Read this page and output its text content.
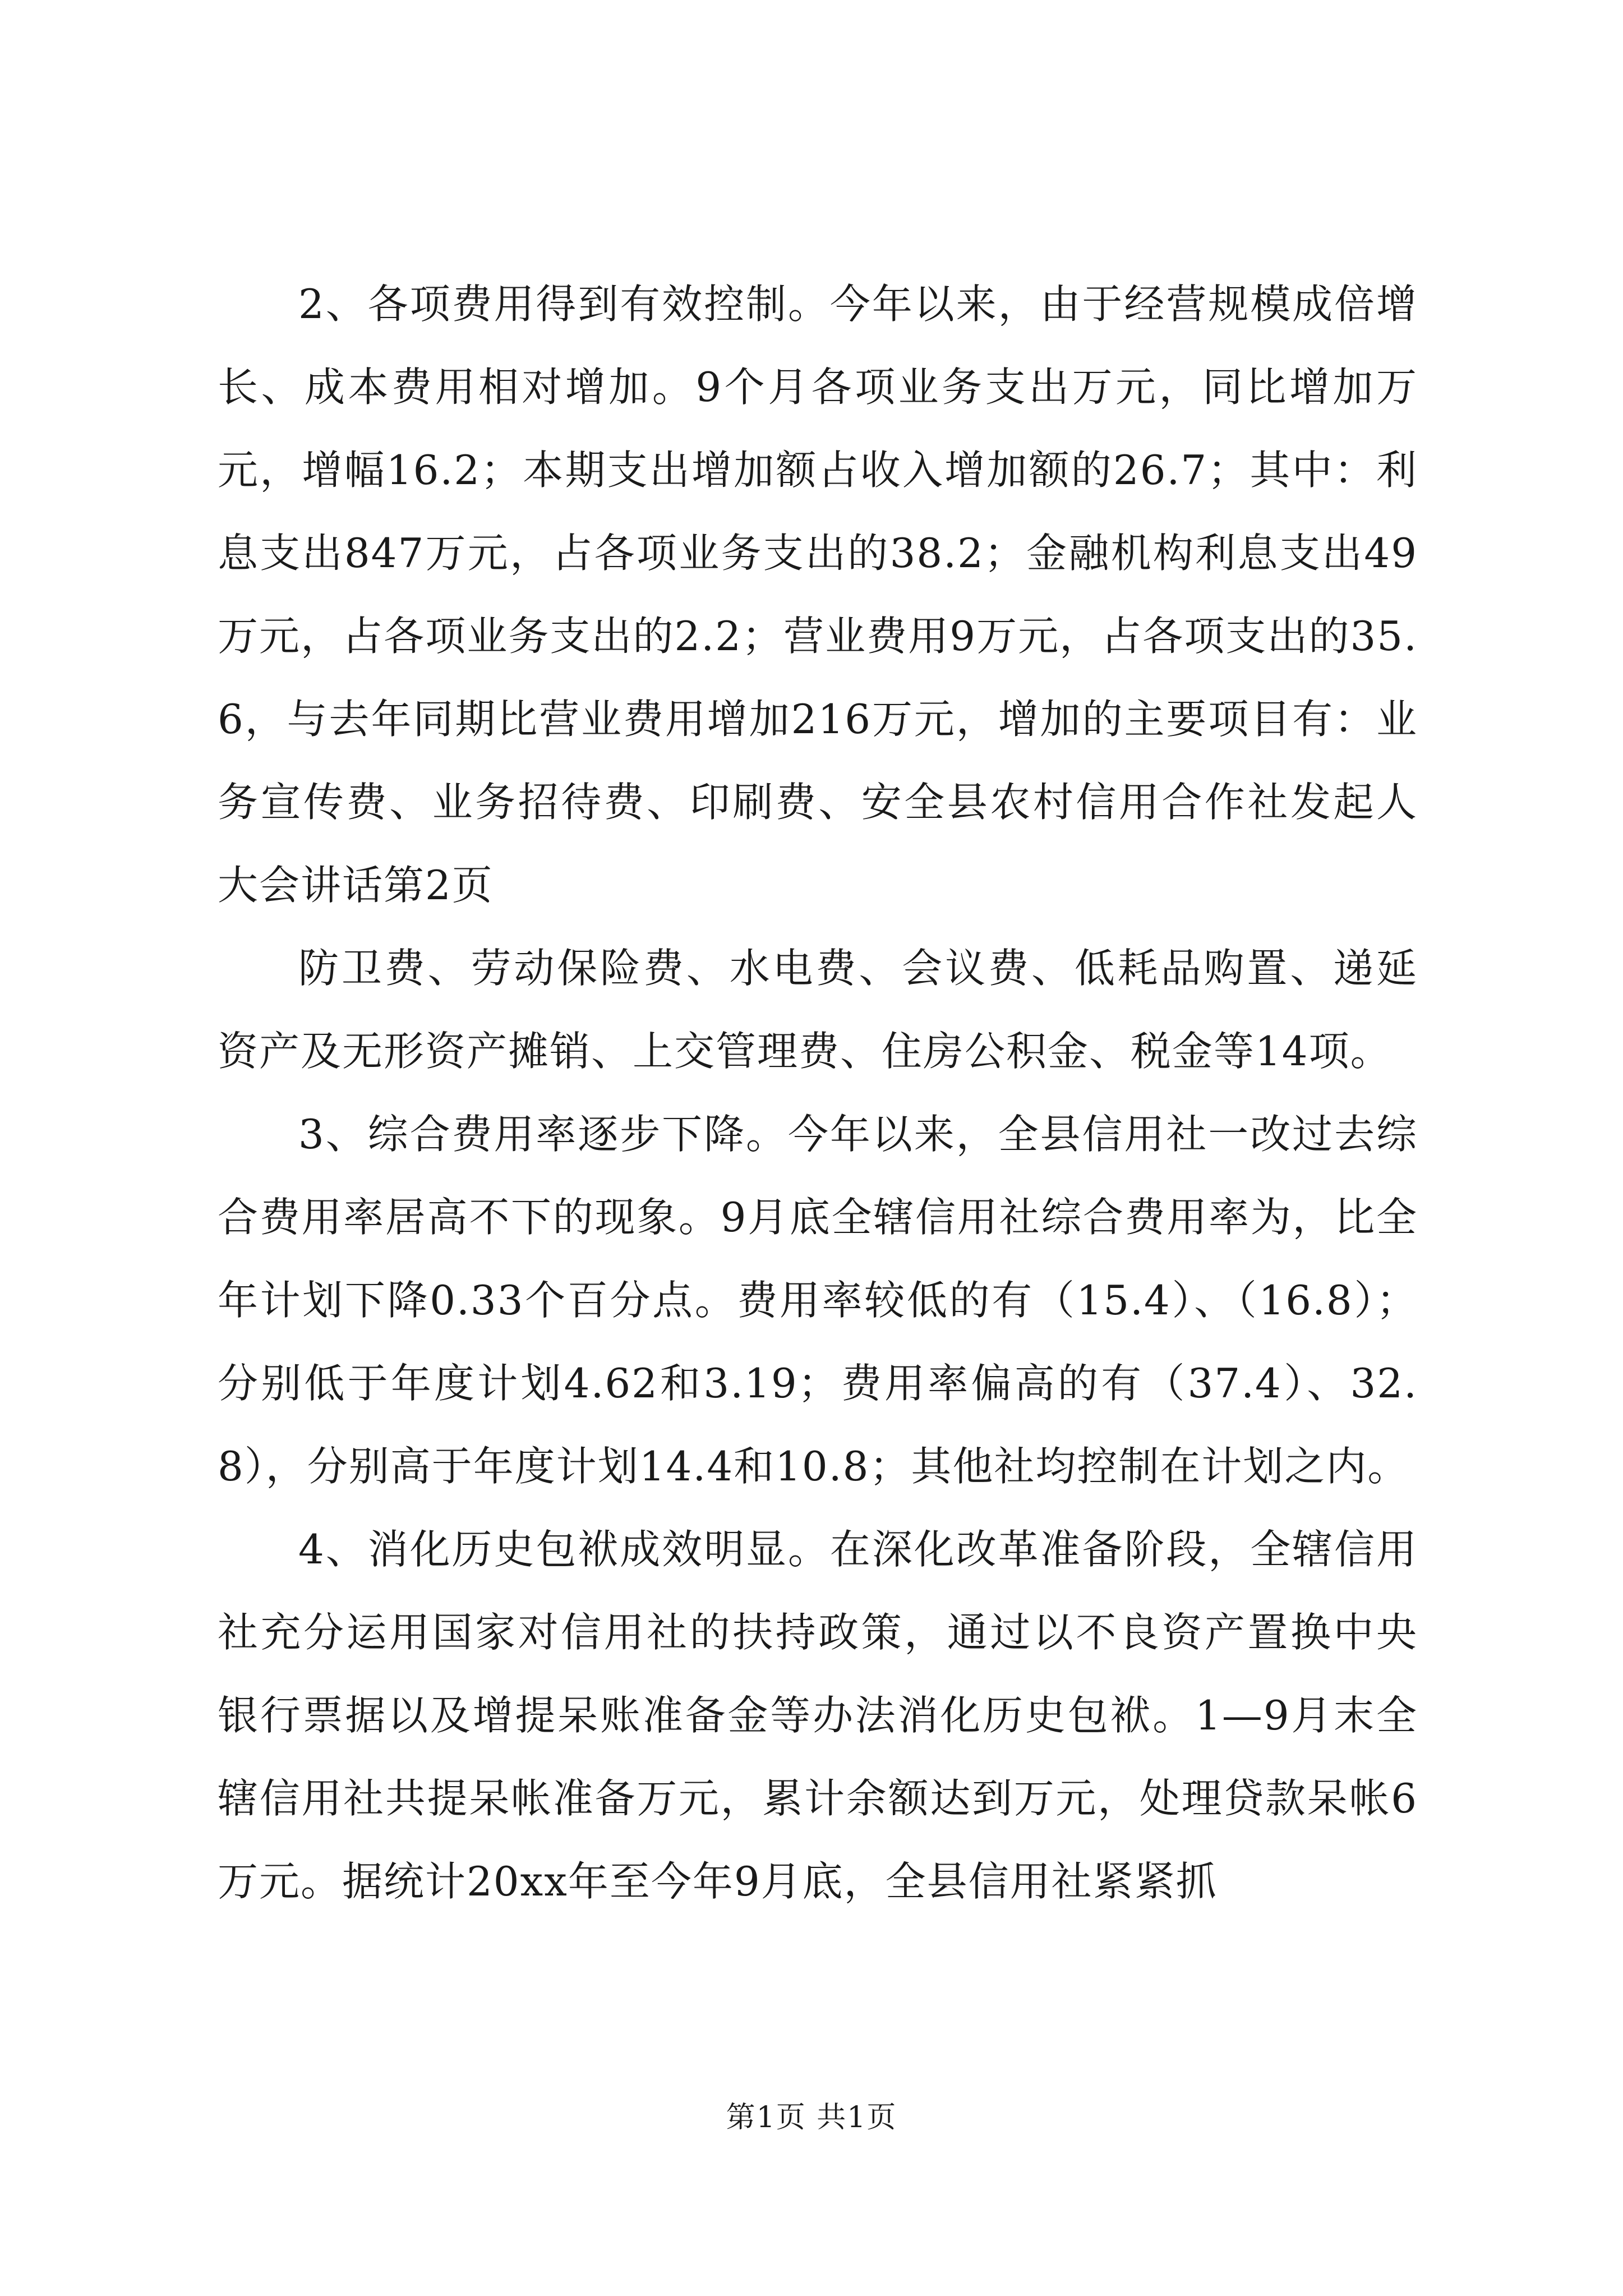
2、各项费用得到有效控制。今年以来，由于经营规模成倍增长、成本费用相对增加。9个月各项业务支出万元，同比增加万元，增幅16.2；本期支出增加额占收入增加额的26.7；其中：利息支出847万元，占各项业务支出的38.2；金融机构利息支出49万元，占各项业务支出的2.2；营业费用9万元，占各项支出的35.6，与去年同期比营业费用增加216万元，增加的主要项目有：业务宣传费、业务招待费、印刷费、安全县农村信用合作社发起人大会讲话第2页

防卫费、劳动保险费、水电费、会议费、低耗品购置、递延资产及无形资产摊销、上交管理费、住房公积金、税金等14项。

3、综合费用率逐步下降。今年以来，全县信用社一改过去综合费用率居高不下的现象。9月底全辖信用社综合费用率为，比全年计划下降0.33个百分点。费用率较低的有（15.4）、（16.8）；分别低于年度计划4.62和3.19；费用率偏高的有（37.4）、32.8），分别高于年度计划14.4和10.8；其他社均控制在计划之内。

4、消化历史包袱成效明显。在深化改革准备阶段，全辖信用社充分运用国家对信用社的扶持政策，通过以不良资产置换中央银行票据以及增提呆账准备金等办法消化历史包袱。1—9月末全辖信用社共提呆帐准备万元，累计余额达到万元，处理贷款呆帐6万元。据统计20xx年至今年9月底，全县信用社紧紧抓

第1页 共1页
